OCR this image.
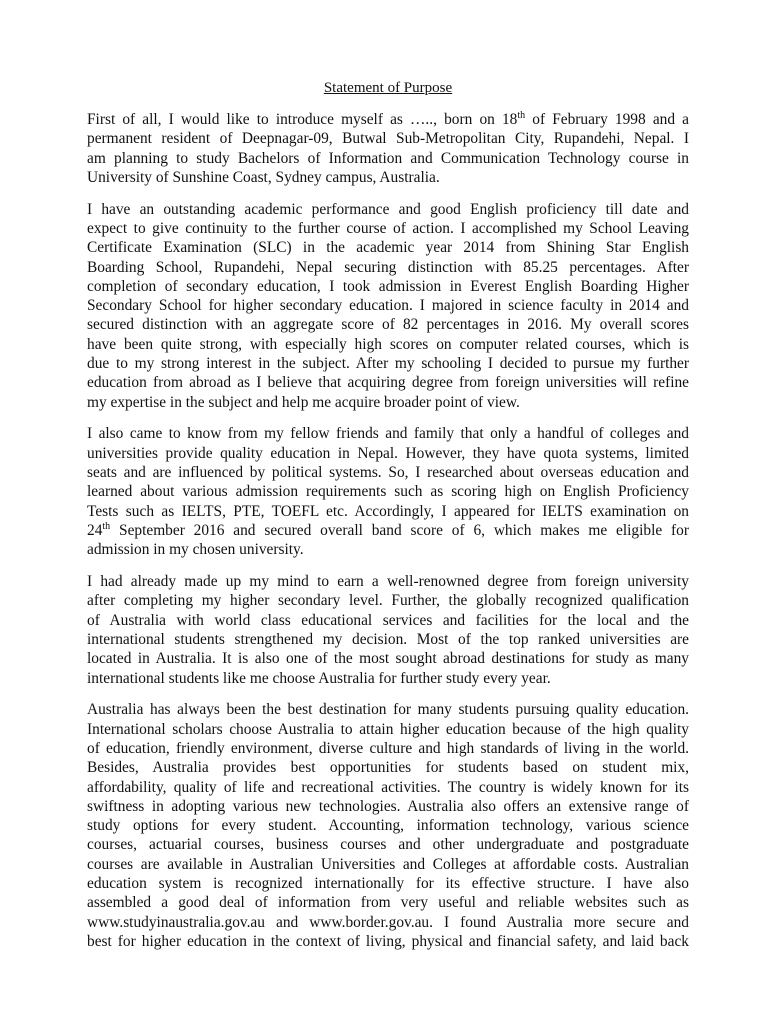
Statement of Purpose
First of all, I would like to introduce myself as ….., born on 18th of February 1998 and a
permanent resident of Deepnagar-09, Butwal Sub-Metropolitan City, Rupandehi, Nepal. I
am planning to study Bachelors of Information and Communication Technology course in
University of Sunshine Coast, Sydney campus, Australia.
I have an outstanding academic performance and good English proficiency till date and
expect to give continuity to the further course of action. I accomplished my School Leaving
Certificate Examination (SLC) in the academic year 2014 from Shining Star English
Boarding School, Rupandehi, Nepal securing distinction with 85.25 percentages. After
completion of secondary education, I took admission in Everest English Boarding Higher
Secondary School for higher secondary education. I majored in science faculty in 2014 and
secured distinction with an aggregate score of 82 percentages in 2016. My overall scores
have been quite strong, with especially high scores on computer related courses, which is
due to my strong interest in the subject. After my schooling I decided to pursue my further
education from abroad as I believe that acquiring degree from foreign universities will refine
my expertise in the subject and help me acquire broader point of view.
I also came to know from my fellow friends and family that only a handful of colleges and
universities provide quality education in Nepal. However, they have quota systems, limited
seats and are influenced by political systems. So, I researched about overseas education and
learned about various admission requirements such as scoring high on English Proficiency
Tests such as IELTS, PTE, TOEFL etc. Accordingly, I appeared for IELTS examination on
24th September 2016 and secured overall band score of 6, which makes me eligible for
admission in my chosen university.
I had already made up my mind to earn a well-renowned degree from foreign university
after completing my higher secondary level. Further, the globally recognized qualification
of Australia with world class educational services and facilities for the local and the
international students strengthened my decision. Most of the top ranked universities are
located in Australia. It is also one of the most sought abroad destinations for study as many
international students like me choose Australia for further study every year.
Australia has always been the best destination for many students pursuing quality education.
International scholars choose Australia to attain higher education because of the high quality
of education, friendly environment, diverse culture and high standards of living in the world.
Besides, Australia provides best opportunities for students based on student mix,
affordability, quality of life and recreational activities. The country is widely known for its
swiftness in adopting various new technologies. Australia also offers an extensive range of
study options for every student. Accounting, information technology, various science
courses, actuarial courses, business courses and other undergraduate and postgraduate
courses are available in Australian Universities and Colleges at affordable costs. Australian
education system is recognized internationally for its effective structure. I have also
assembled a good deal of information from very useful and reliable websites such as
www.studyinaustralia.gov.au and www.border.gov.au. I found Australia more secure and
best for higher education in the context of living, physical and financial safety, and laid back
